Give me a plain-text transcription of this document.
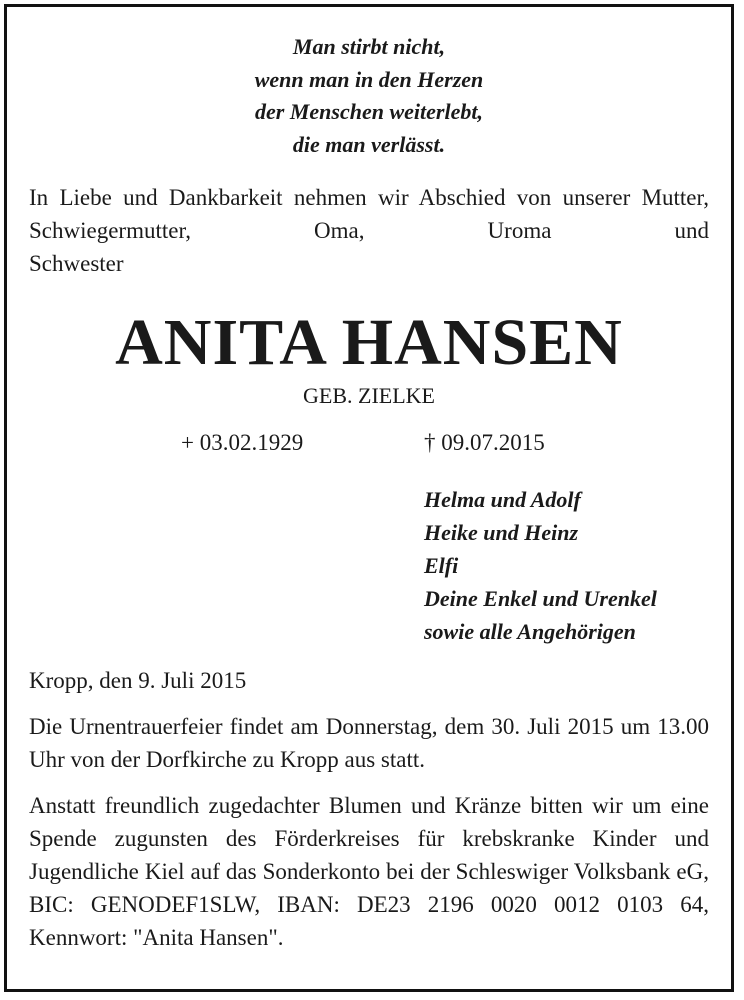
Man stirbt nicht,
wenn man in den Herzen
der Menschen weiterlebt,
die man verlässt.
In Liebe und Dankbarkeit nehmen wir Abschied von unserer Mutter, Schwiegermutter, Oma, Uroma und
Schwester
ANITA HANSEN
GEB. ZIELKE
+ 03.02.1929	† 09.07.2015
Helma und Adolf
Heike und Heinz
Elfi
Deine Enkel und Urenkel
sowie alle Angehörigen
Kropp, den 9. Juli 2015
Die Urnentrauerfeier findet am Donnerstag, dem 30. Juli 2015 um 13.00 Uhr von der Dorfkirche zu Kropp aus statt.
Anstatt freundlich zugedachter Blumen und Kränze bitten wir um eine Spende zugunsten des Förderkreises für krebskranke Kinder und Jugendliche Kiel auf das Sonderkonto bei der Schleswiger Volksbank eG, BIC: GENODEF1SLW, IBAN: DE23 2196 0020 0012 0103 64, Kennwort: "Anita Hansen".
